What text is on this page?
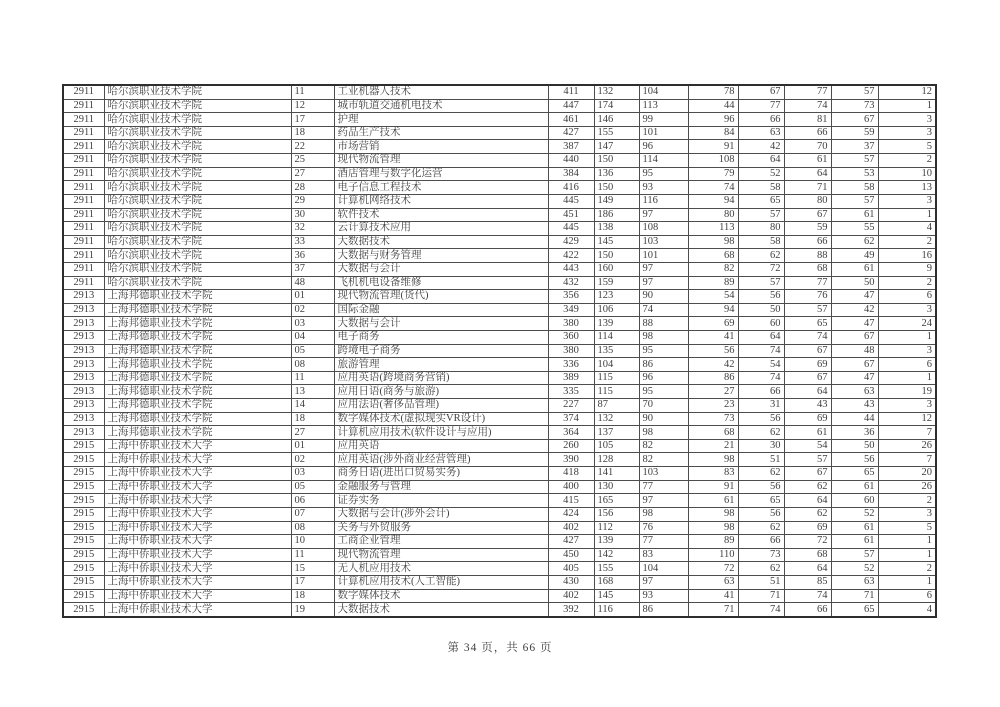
2911	哈尔滨职业技术学院	11	工业机器人技术	411	132	104	78	67	77	57	12
2911	哈尔滨职业技术学院	12	城市轨道交通机电技术	447	174	113	44	77	74	73	1
2911	哈尔滨职业技术学院	17	护理	461	146	99	96	66	81	67	3
2911	哈尔滨职业技术学院	18	药品生产技术	427	155	101	84	63	66	59	3
2911	哈尔滨职业技术学院	22	市场营销	387	147	96	91	42	70	37	5
2911	哈尔滨职业技术学院	25	现代物流管理	440	150	114	108	64	61	57	2
2911	哈尔滨职业技术学院	27	酒店管理与数字化运营	384	136	95	79	52	64	53	10
2911	哈尔滨职业技术学院	28	电子信息工程技术	416	150	93	74	58	71	58	13
2911	哈尔滨职业技术学院	29	计算机网络技术	445	149	116	94	65	80	57	3
2911	哈尔滨职业技术学院	30	软件技术	451	186	97	80	57	67	61	1
2911	哈尔滨职业技术学院	32	云计算技术应用	445	138	108	113	80	59	55	4
2911	哈尔滨职业技术学院	33	大数据技术	429	145	103	98	58	66	62	2
2911	哈尔滨职业技术学院	36	大数据与财务管理	422	150	101	68	62	88	49	16
2911	哈尔滨职业技术学院	37	大数据与会计	443	160	97	82	72	68	61	9
2911	哈尔滨职业技术学院	48	飞机机电设备维修	432	159	97	89	57	77	50	2
2913	上海邦德职业技术学院	01	现代物流管理(货代)	356	123	90	54	56	76	47	6
2913	上海邦德职业技术学院	02	国际金融	349	106	74	94	50	57	42	3
2913	上海邦德职业技术学院	03	大数据与会计	380	139	88	69	60	65	47	24
2913	上海邦德职业技术学院	04	电子商务	360	114	98	41	64	74	67	1
2913	上海邦德职业技术学院	05	跨境电子商务	380	135	95	56	74	67	48	3
2913	上海邦德职业技术学院	08	旅游管理	336	104	86	42	54	69	67	6
2913	上海邦德职业技术学院	11	应用英语(跨境商务营销)	389	115	96	86	74	67	47	1
2913	上海邦德职业技术学院	13	应用日语(商务与旅游)	335	115	95	27	66	64	63	19
2913	上海邦德职业技术学院	14	应用法语(奢侈品管理)	227	87	70	23	31	43	43	3
2913	上海邦德职业技术学院	18	数字媒体技术(虚拟现实VR设计)	374	132	90	73	56	69	44	12
2913	上海邦德职业技术学院	27	计算机应用技术(软件设计与应用)	364	137	98	68	62	61	36	7
2915	上海中侨职业技术大学	01	应用英语	260	105	82	21	30	54	50	26
2915	上海中侨职业技术大学	02	应用英语(涉外商业经营管理)	390	128	82	98	51	57	56	7
2915	上海中侨职业技术大学	03	商务日语(进出口贸易实务)	418	141	103	83	62	67	65	20
2915	上海中侨职业技术大学	05	金融服务与管理	400	130	77	91	56	62	61	26
2915	上海中侨职业技术大学	06	证券实务	415	165	97	61	65	64	60	2
2915	上海中侨职业技术大学	07	大数据与会计(涉外会计)	424	156	98	98	56	62	52	3
2915	上海中侨职业技术大学	08	关务与外贸服务	402	112	76	98	62	69	61	5
2915	上海中侨职业技术大学	10	工商企业管理	427	139	77	89	66	72	61	1
2915	上海中侨职业技术大学	11	现代物流管理	450	142	83	110	73	68	57	1
2915	上海中侨职业技术大学	15	无人机应用技术	405	155	104	72	62	64	52	2
2915	上海中侨职业技术大学	17	计算机应用技术(人工智能)	430	168	97	63	51	85	63	1
2915	上海中侨职业技术大学	18	数字媒体技术	402	145	93	41	71	74	71	6
2915	上海中侨职业技术大学	19	大数据技术	392	116	86	71	74	66	65	4
第 34 页，共 66 页
